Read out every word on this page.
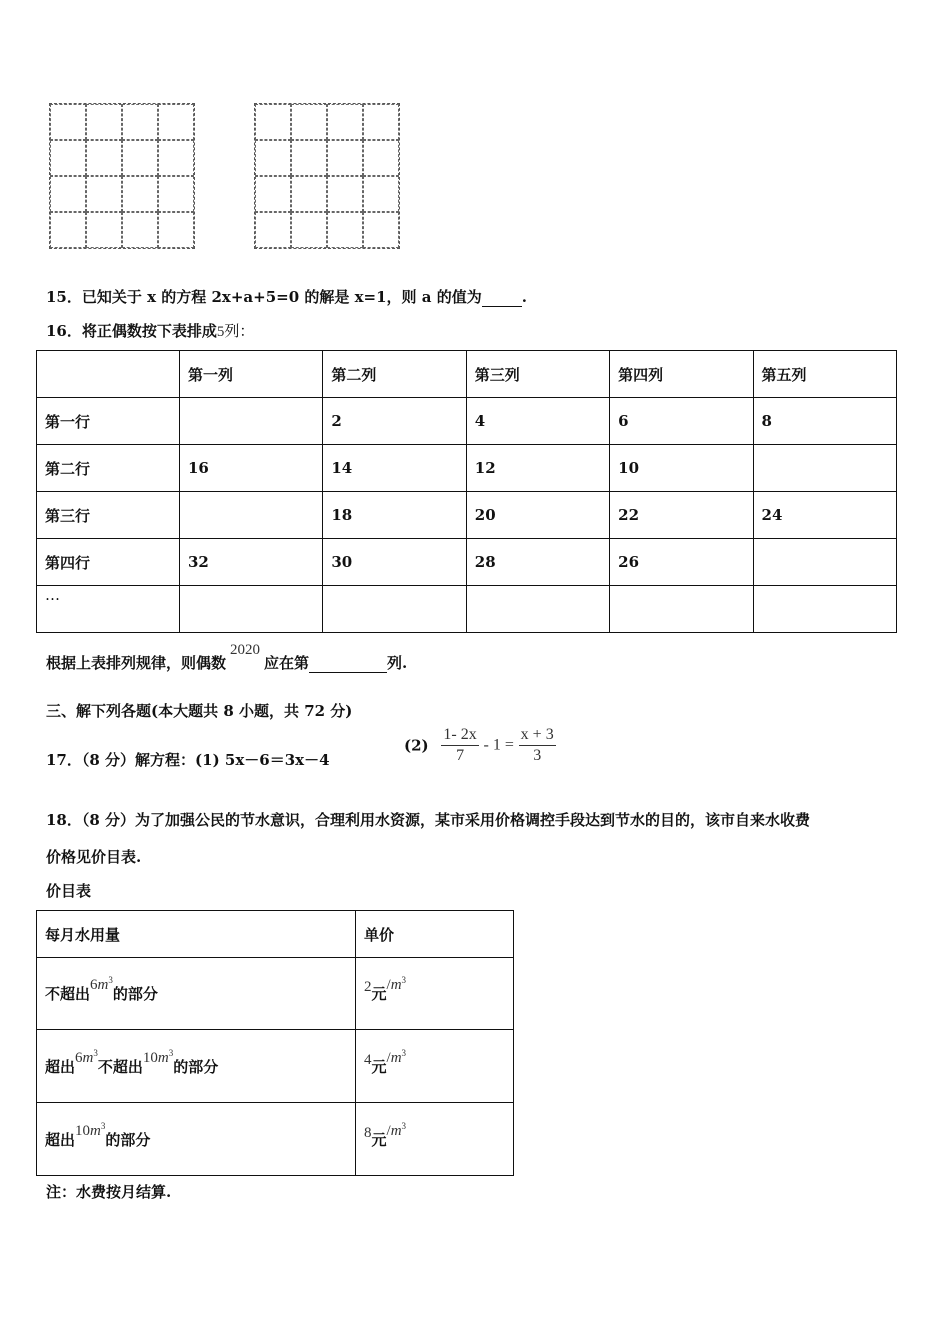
15．已知关于 x 的方程 2x+a+5=0 的解是 x=1，则 a 的值为	.
16．将正偶数按下表排成5列：
	第一列	第二列	第三列	第四列	第五列
第一行		2	4	6	8
第二行	16	14	12	10	
第三行		18	20	22	24
第四行	32	30	28	26	
…					
根据上表排列规律，则偶数2020应在第	列.
三、解下列各题(本大题共 8 小题，共 72 分)
17．（8 分）解方程：(1) 5x－6＝3x－4
$(2) \frac{1- 2x}{7} - 1 = \frac{x + 3}{3}$
18．（8 分）为了加强公民的节水意识，合理利用水资源，某市采用价格调控手段达到节水的目的，该市自来水收费
价格见价目表.
价目表
每月水用量	单价
不超出$6m^3$的部分	2元$/m^3$
超出$6m^3$不超出$10m^3$的部分	4元$/m^3$
超出$10m^3$的部分	8元$/m^3$
注：水费按月结算.
